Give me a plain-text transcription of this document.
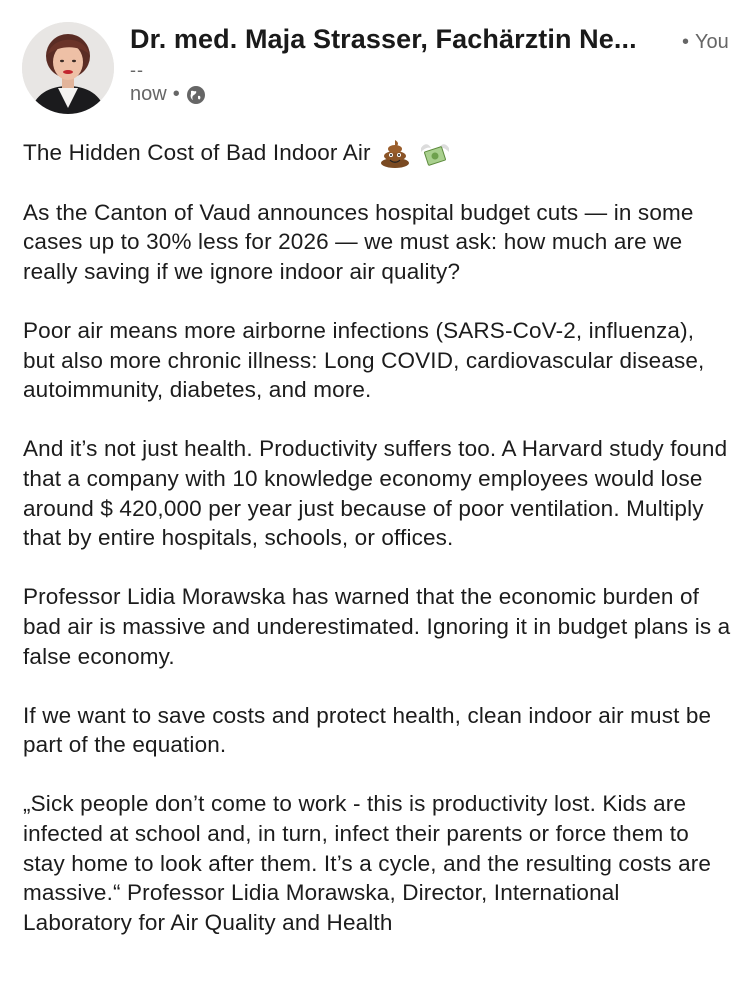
Dr. med. Maja Strasser, Fachärztin Ne...	• You
--
now •

The Hidden Cost of Bad Indoor Air

As the Canton of Vaud announces hospital budget cuts — in some cases up to 30% less for 2026 — we must ask: how much are we really saving if we ignore indoor air quality?

Poor air means more airborne infections (SARS-CoV-2, influenza), but also more chronic illness: Long COVID, cardiovascular disease, autoimmunity, diabetes, and more.

And it’s not just health. Productivity suffers too. A Harvard study found that a company with 10 knowledge economy employees would lose around $ 420,000 per year just because of poor ventilation. Multiply that by entire hospitals, schools, or offices.

Professor Lidia Morawska has warned that the economic burden of bad air is massive and underestimated. Ignoring it in budget plans is a false economy.

If we want to save costs and protect health, clean indoor air must be part of the equation.

„Sick people don’t come to work - this is productivity lost. Kids are infected at school and, in turn, infect their parents or force them to stay home to look after them. It’s a cycle, and the resulting costs are massive.“ Professor Lidia Morawska, Director, International Laboratory for Air Quality and Health
